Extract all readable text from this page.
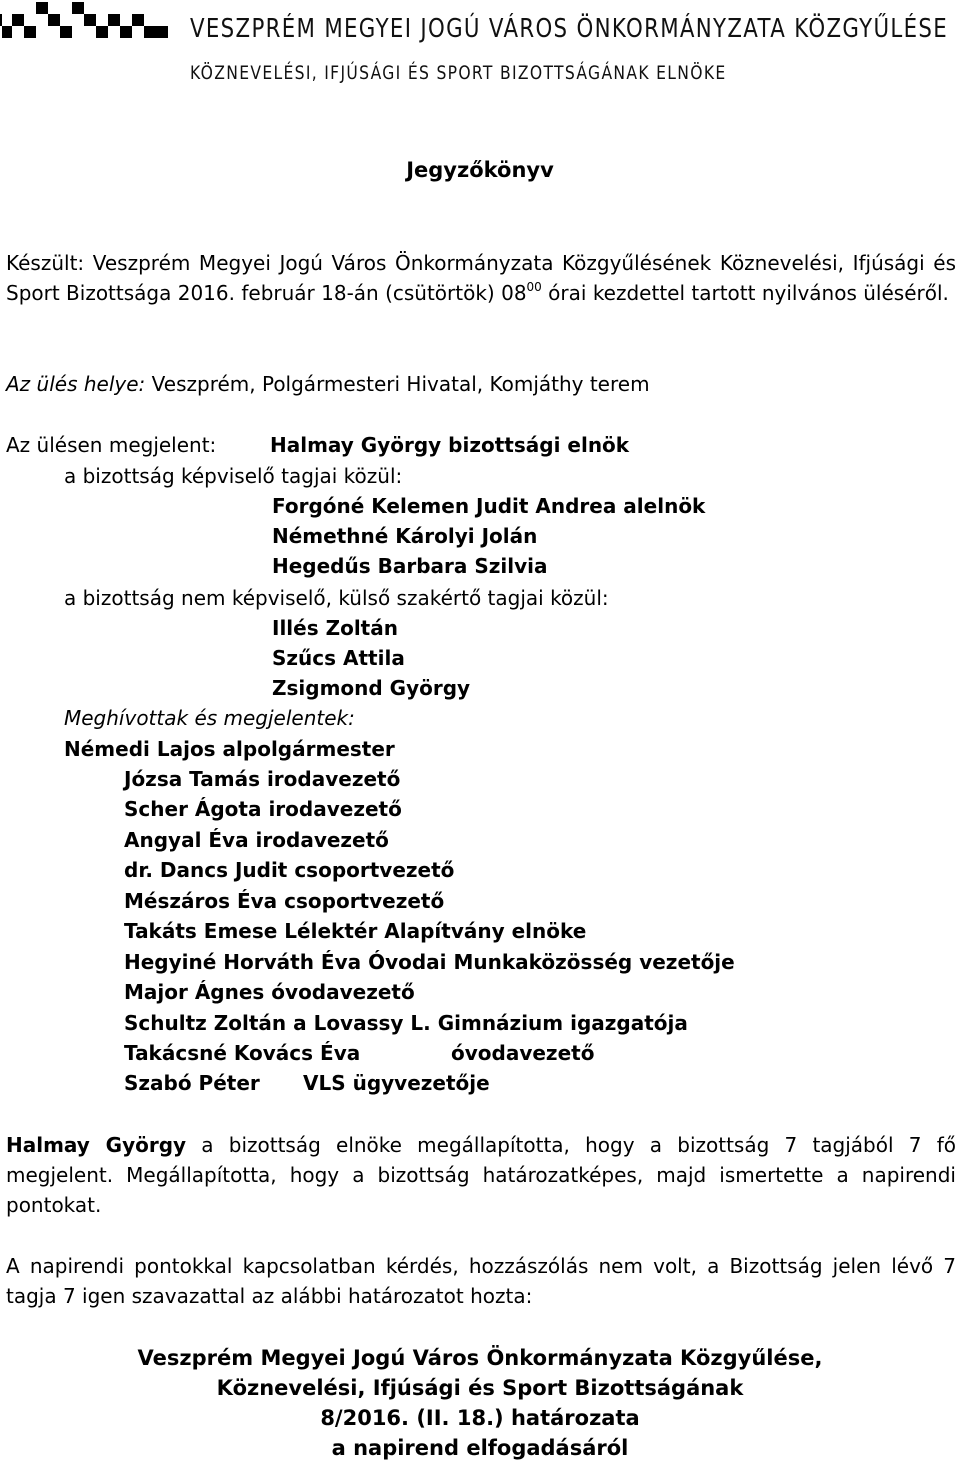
VESZPRÉM MEGYEI JOGÚ VÁROS ÖNKORMÁNYZATA KÖZGYŰLÉSE
KÖZNEVELÉSI, IFJÚSÁGI ÉS SPORT BIZOTTSÁGÁNAK ELNÖKE
Jegyzőkönyv
Készült: Veszprém Megyei Jogú Város Önkormányzata Közgyűlésének Köznevelési, Ifjúsági és Sport Bizottsága 2016. február 18-án (csütörtök) $08^{00}$ órai kezdettel tartott nyilvános üléséről.
Az ülés helye: Veszprém, Polgármesteri Hivatal, Komjáthy terem
Az ülésen megjelent:	Halmay György bizottsági elnök
a bizottság képviselő tagjai közül:
Forgóné Kelemen Judit Andrea alelnök
Némethné Károlyi Jolán
Hegedűs Barbara Szilvia
a bizottság nem képviselő, külső szakértő tagjai közül:
Illés Zoltán
Szűcs Attila
Zsigmond György
Meghívottak és megjelentek:
Némedi Lajos alpolgármester
Józsa Tamás irodavezető
Scher Ágota irodavezető
Angyal Éva irodavezető
dr. Dancs Judit csoportvezető
Mészáros Éva csoportvezető
Takáts Emese Lélektér Alapítvány elnöke
Hegyiné Horváth Éva Óvodai Munkaközösség vezetője
Major Ágnes óvodavezető
Schultz Zoltán a Lovassy L. Gimnázium igazgatója
Takácsné Kovács Éva	óvodavezető
Szabó Péter VLS ügyvezetője
Halmay György a bizottság elnöke megállapította, hogy a bizottság 7 tagjából 7 fő megjelent. Megállapította, hogy a bizottság határozatképes, majd ismertette a napirendi pontokat.
A napirendi pontokkal kapcsolatban kérdés, hozzászólás nem volt, a Bizottság jelen lévő 7 tagja 7 igen szavazattal az alábbi határozatot hozta:
Veszprém Megyei Jogú Város Önkormányzata Közgyűlése,
Köznevelési, Ifjúsági és Sport Bizottságának
8/2016. (II. 18.) határozata
a napirend elfogadásáról
